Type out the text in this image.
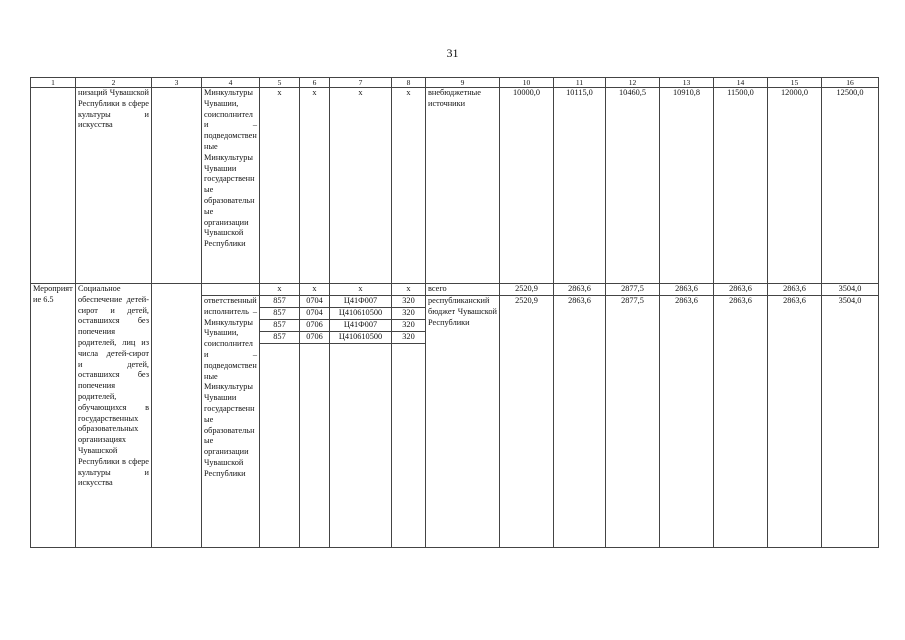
31
1	2	3	4	5	6	7	8	9	10	11	12	13	14	15	16
	низаций Чувашской Республики в сфере культуры и искусства		Минкультуры Чувашии, соисполнители – подведомственные Минкультуры Чувашии государственные образовательные организации Чувашской Республики	х	х	х	х	внебюджетные источники	10000,0	10115,0	10460,5	10910,8	11500,0	12000,0	12500,0
Мероприятие 6.5	Социальное обеспечение детей-сирот и детей, оставшихся без попечения родителей, лиц из числа детей-сирот и детей, оставшихся без попечения родителей, обучающихся в государственных образовательных организациях Чувашской Республики в сфере культуры и искусства			х	х	х	х	всего	2520,9	2863,6	2877,5	2863,6	2863,6	2863,6	3504,0
			ответственный исполнитель – Минкультуры Чувашии, соисполнители – подведомственные Минкультуры Чувашии государственные образовательные организации Чувашской Республики	857	0704	Ц41Ф007	320	республиканский бюджет Чувашской Республики	2520,9	2863,6	2877,5	2863,6	2863,6	2863,6	3504,0
				857	0704	Ц410610500	320								
				857	0706	Ц41Ф007	320								
				857	0706	Ц410610500	320								
